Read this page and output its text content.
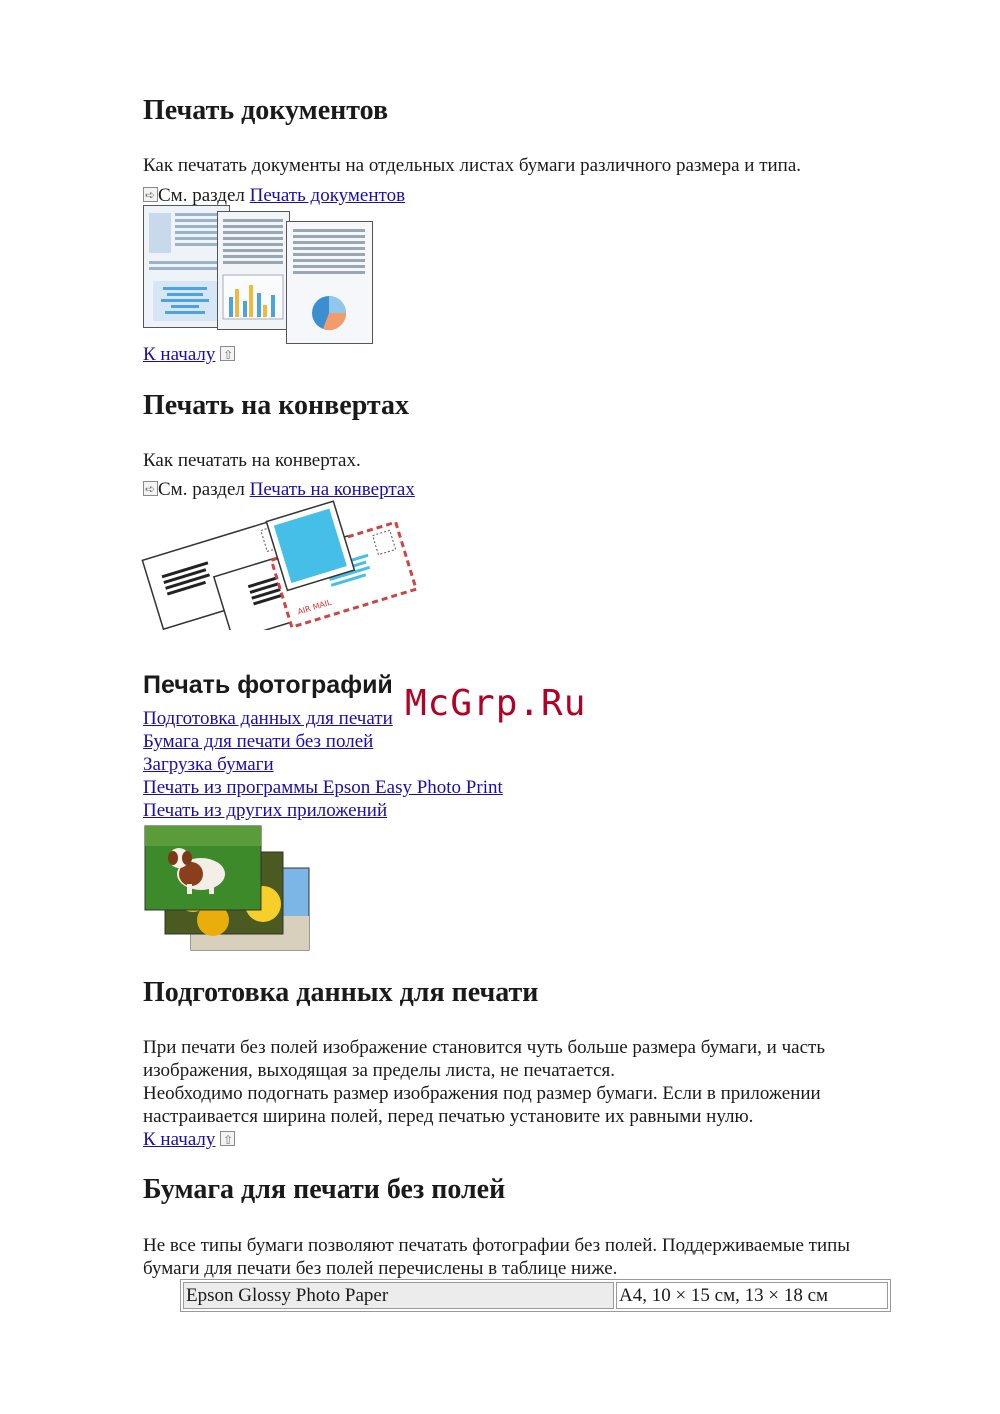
Печать документов
Как печатать документы на отдельных листах бумаги различного размера и типа.
➪См. раздел Печать документов
К началу ⇧
Печать на конвертах
Как печатать на конвертах.
➪См. раздел Печать на конвертах
AIR MAIL
Печать фотографий
Подготовка данных для печати
Бумага для печати без полей
Загрузка бумаги
Печать из программы Epson Easy Photo Print
Печать из других приложений
McGrp.Ru
Подготовка данных для печати
При печати без полей изображение становится чуть больше размера бумаги, и часть
изображения, выходящая за пределы листа, не печатается.
Необходимо подогнать размер изображения под размер бумаги. Если в приложении
настраивается ширина полей, перед печатью установите их равными нулю.
К началу ⇧
Бумага для печати без полей
Не все типы бумаги позволяют печатать фотографии без полей. Поддерживаемые типы
бумаги для печати без полей перечислены в таблице ниже.
Epson Glossy Photo Paper	A4, 10 × 15 см, 13 × 18 см
